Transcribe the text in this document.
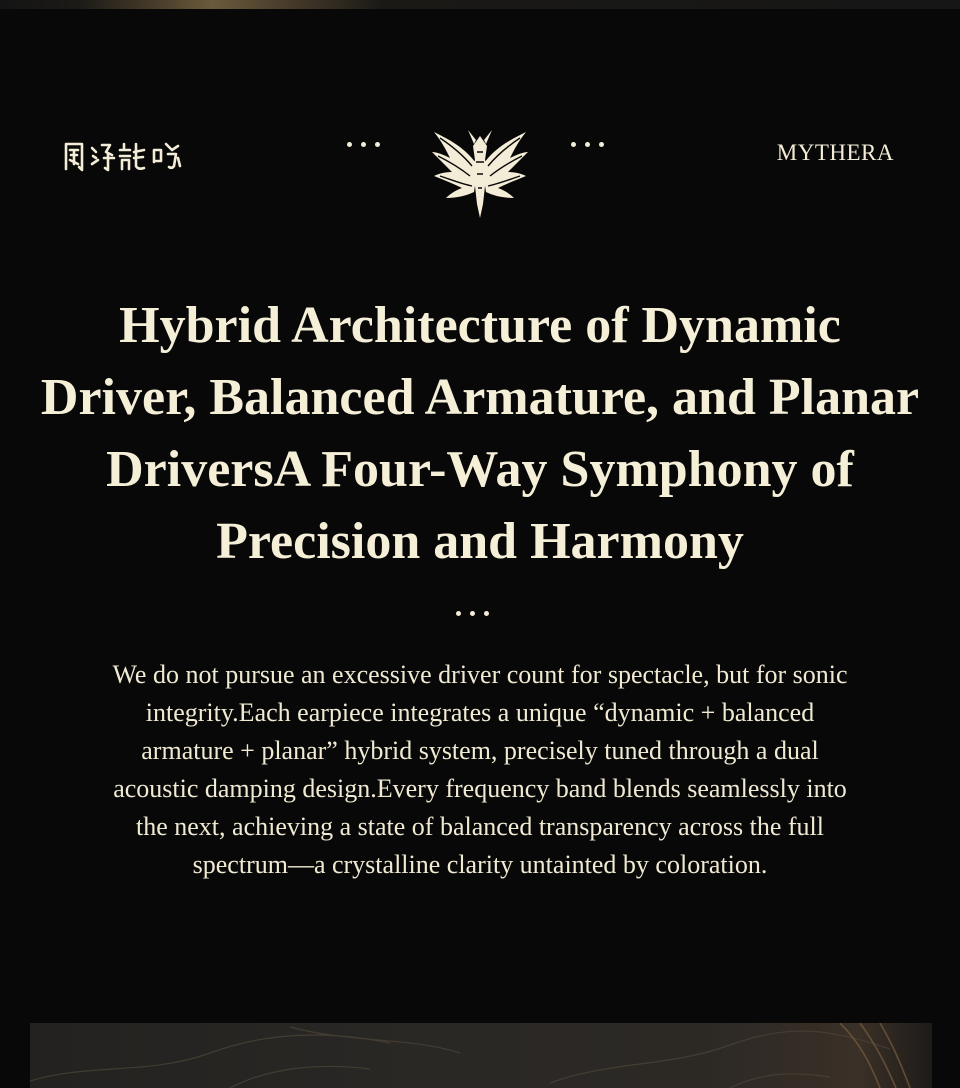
MYTHERA
Hybrid Architecture of Dynamic Driver, Balanced Armature, and Planar DriversA Four-Way Symphony of Precision and Harmony

We do not pursue an excessive driver count for spectacle, but for sonic integrity.Each earpiece integrates a unique “dynamic + balanced armature + planar” hybrid system, precisely tuned through a dual acoustic damping design.Every frequency band blends seamlessly into the next, achieving a state of balanced transparency across the full spectrum—a crystalline clarity untainted by coloration.
